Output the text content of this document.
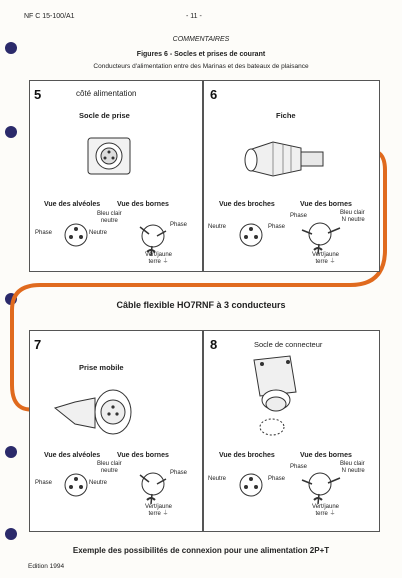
NF C 15-100/A1	- 11 -
COMMENTAIRES
Figures 6 - Socles et prises de courant
Conducteurs d'alimentation entre des Marinas et des bateaux de plaisance
5	côté alimentation
Socle de prise
Vue des alvéoles Vue des bornes
Phase	Neutre
Bleu clair
neutre
Phase
Vert/jaune
terre ⏚
6
Fiche
Vue des broches	Vue des bornes
Neutre	Phase
Phase	Bleu clair
N neutre
Vert/jaune
terre ⏚
Câble flexible HO7RNF à 3 conducteurs
7
Prise mobile
Vue des alvéoles Vue des bornes
Phase	Neutre
Bleu clair
neutre	Phase
Vert/jaune
terre ⏚
8	Socle de connecteur
Vue des broches	Vue des bornes
Neutre	Phase
Phase	Bleu clair
N neutre
Vert/jaune
terre ⏚
Exemple des possibilités de connexion pour une alimentation 2P+T
Edition 1994
